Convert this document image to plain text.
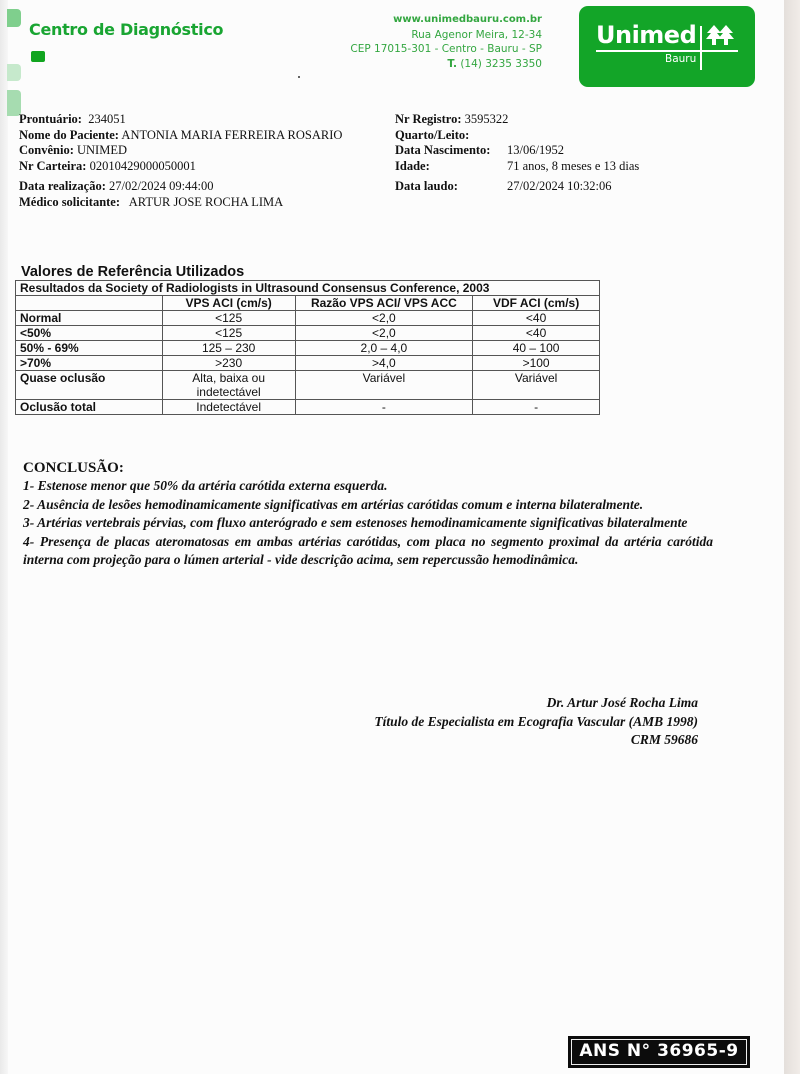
Centro de Diagnóstico
www.unimedbauru.com.br
Rua Agenor Meira, 12-34
CEP 17015-301 - Centro - Bauru - SP
T. (14) 3235 3350
Unimed
Bauru
Prontuário: 234051
Nome do Paciente: ANTONIA MARIA FERREIRA ROSARIO
Convênio: UNIMED
Nr Carteira: 02010429000050001
Data realização: 27/02/2024 09:44:00
Médico solicitante: ARTUR JOSE ROCHA LIMA
Nr Registro: 3595322
Quarto/Leito:
Data Nascimento: 13/06/1952
Idade:	71 anos, 8 meses e 13 dias
Data laudo:	27/02/2024 10:32:06
Valores de Referência Utilizados
Resultados da Society of Radiologists in Ultrasound Consensus Conference, 2003			
	VPS ACI (cm/s)	Razão VPS ACI/ VPS ACC	VDF ACI (cm/s)
Normal	<125	<2,0	<40
<50%	<125	<2,0	<40
50% - 69%	125 – 230	2,0 – 4,0	40 – 100
>70%	>230	>4,0	>100
Quase oclusão	Alta, baixa ou
indetectável	Variável	Variável
Oclusão total	Indetectável	-	-
CONCLUSÃO:

1- Estenose menor que 50% da artéria carótida externa esquerda.

2- Ausência de lesões hemodinamicamente significativas em artérias carótidas comum e interna bilateralmente.

3- Artérias vertebrais pérvias, com fluxo anterógrado e sem estenoses hemodinamicamente significativas bilateralmente

4- Presença de placas ateromatosas em ambas artérias carótidas, com placa no segmento proximal da artéria carótida interna com projeção para o lúmen arterial - vide descrição acima, sem repercussão hemodinâmica.

Dr. Artur José Rocha Lima
Título de Especialista em Ecografia Vascular (AMB 1998)
CRM 59686
ANS N° 36965-9
